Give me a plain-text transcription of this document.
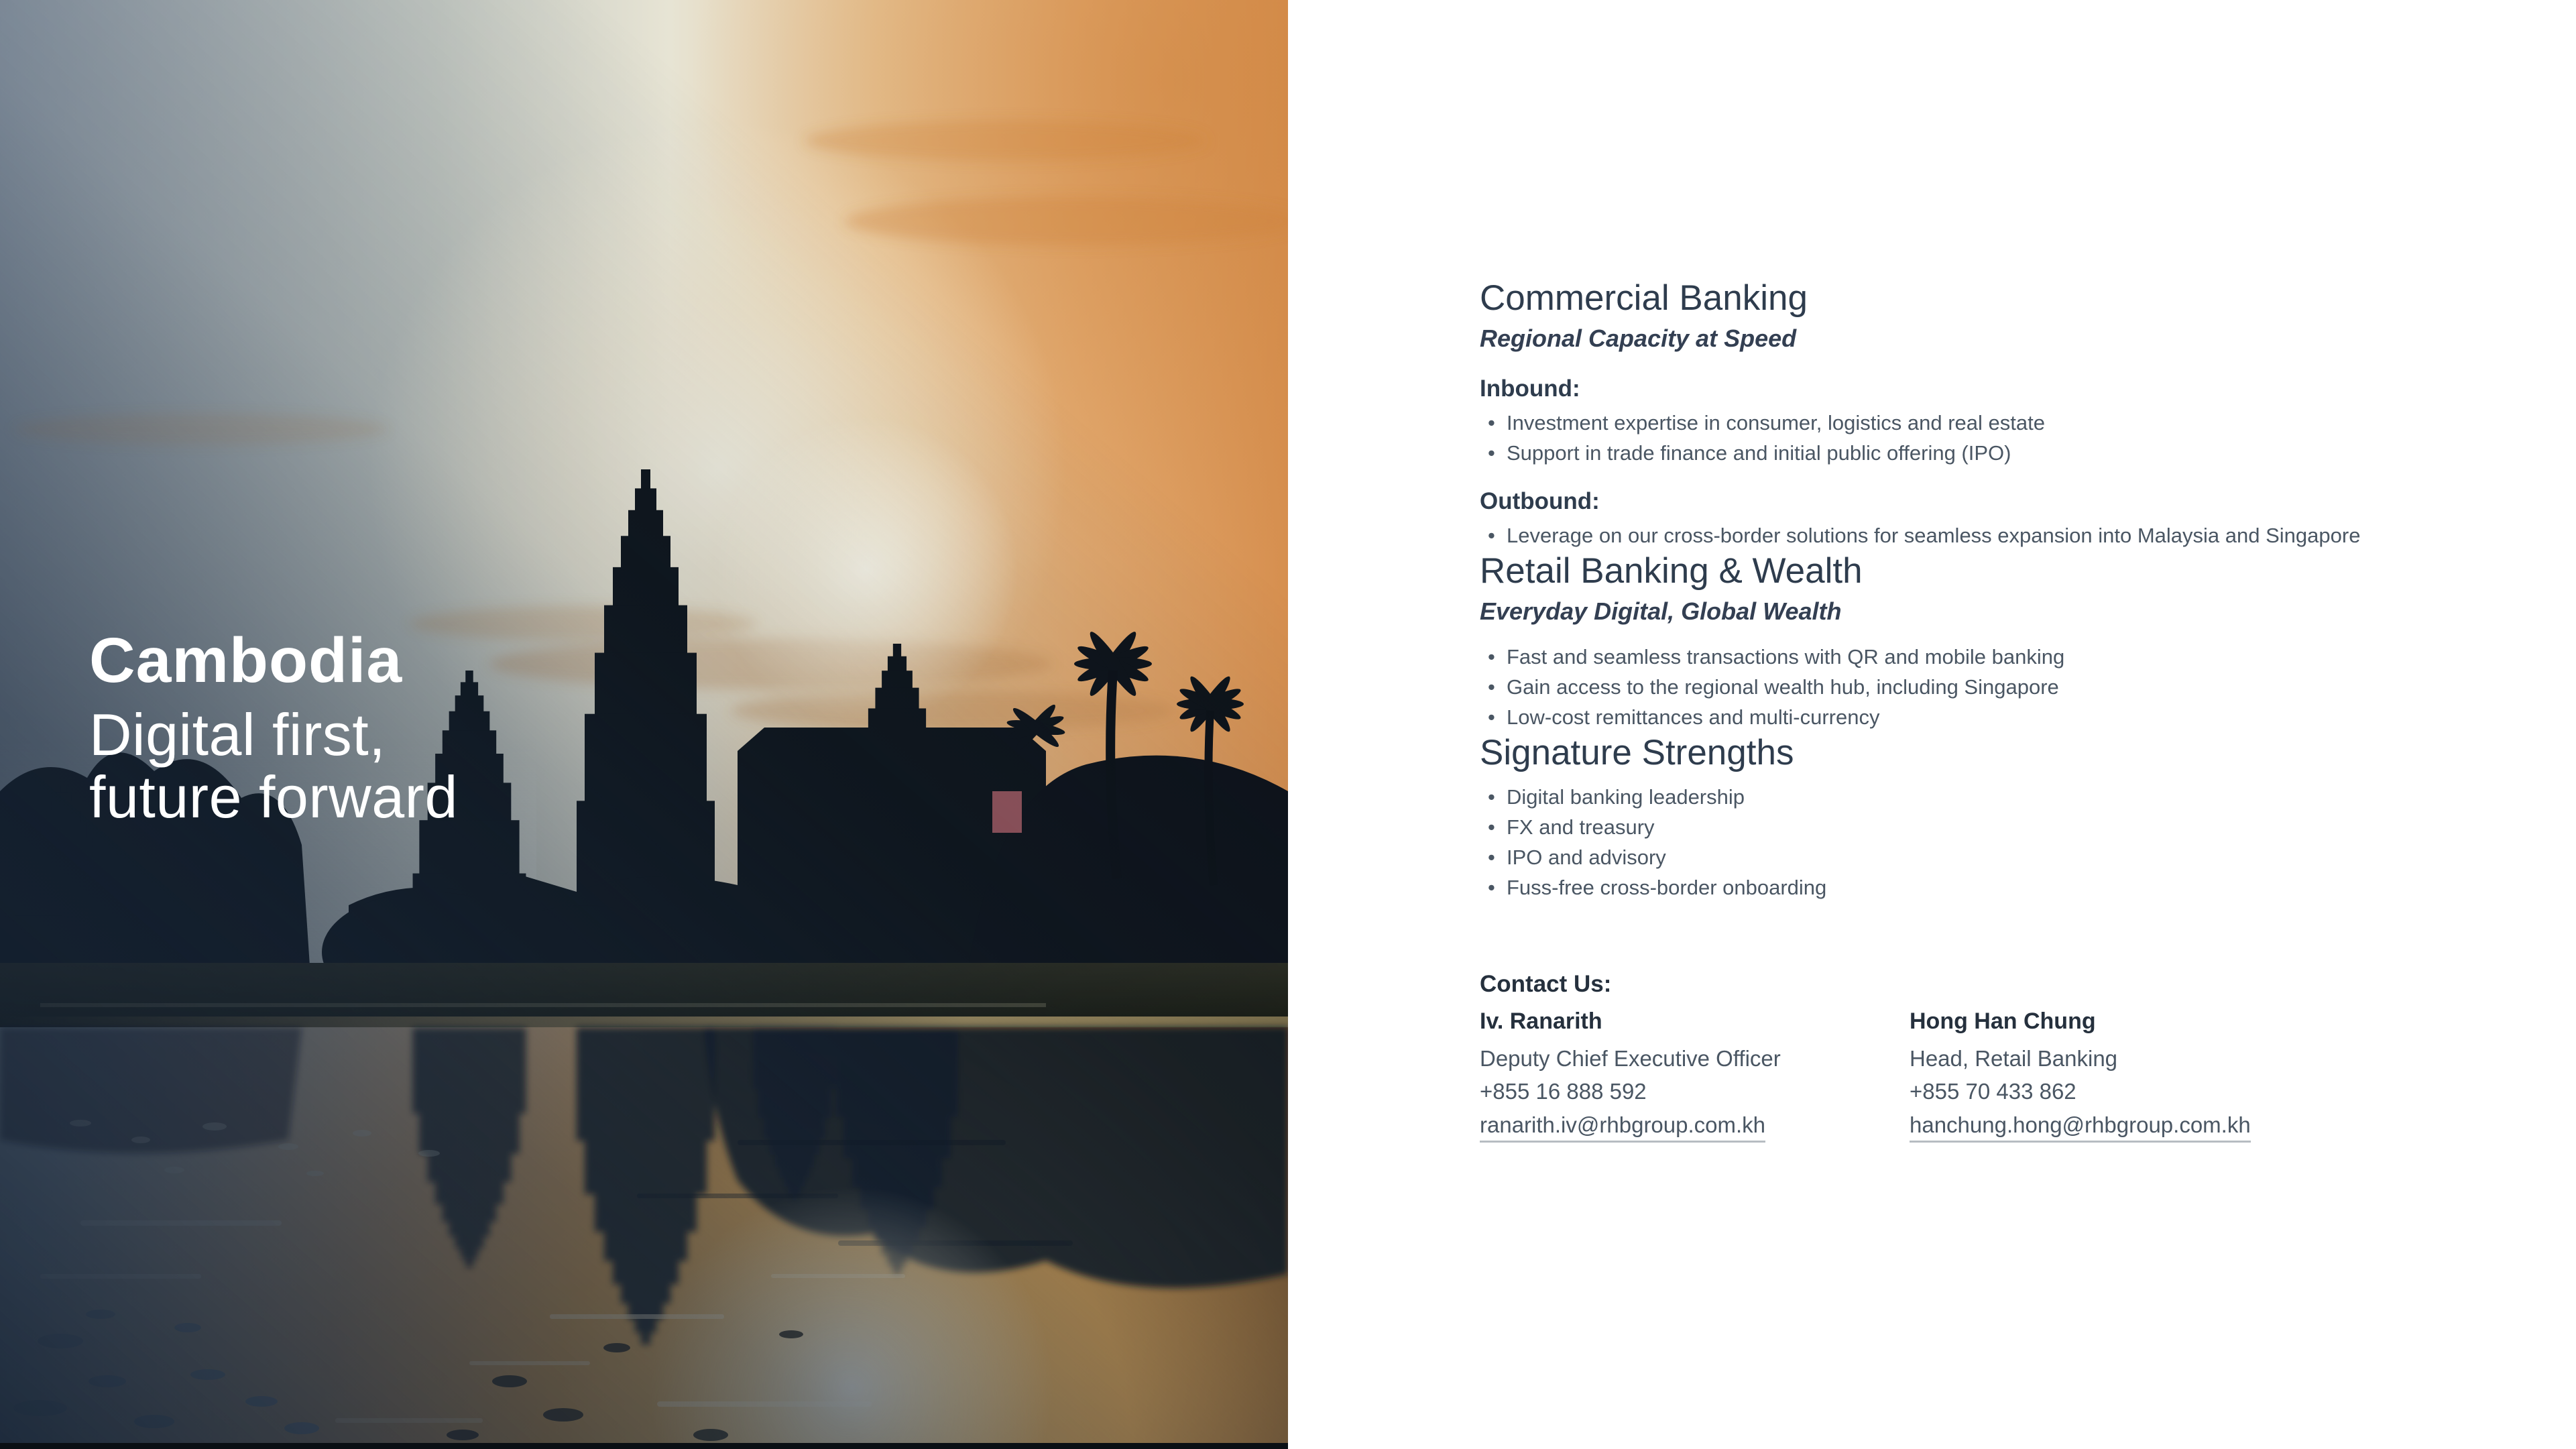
Cambodia
Digital first,
future forward
Commercial Banking
Regional Capacity at Speed
Inbound:
• Investment expertise in consumer, logistics and real estate
• Support in trade finance and initial public offering (IPO)
Outbound:
• Leverage on our cross-border solutions for seamless expansion into Malaysia and Singapore
Retail Banking & Wealth
Everyday Digital, Global Wealth
• Fast and seamless transactions with QR and mobile banking
• Gain access to the regional wealth hub, including Singapore
• Low-cost remittances and multi-currency
Signature Strengths
• Digital banking leadership
• FX and treasury
• IPO and advisory
• Fuss-free cross-border onboarding
Contact Us:
Iv. Ranarith
Deputy Chief Executive Officer
+855 16 888 592
ranarith.iv@rhbgroup.com.kh
Hong Han Chung
Head, Retail Banking
+855 70 433 862
hanchung.hong@rhbgroup.com.kh
